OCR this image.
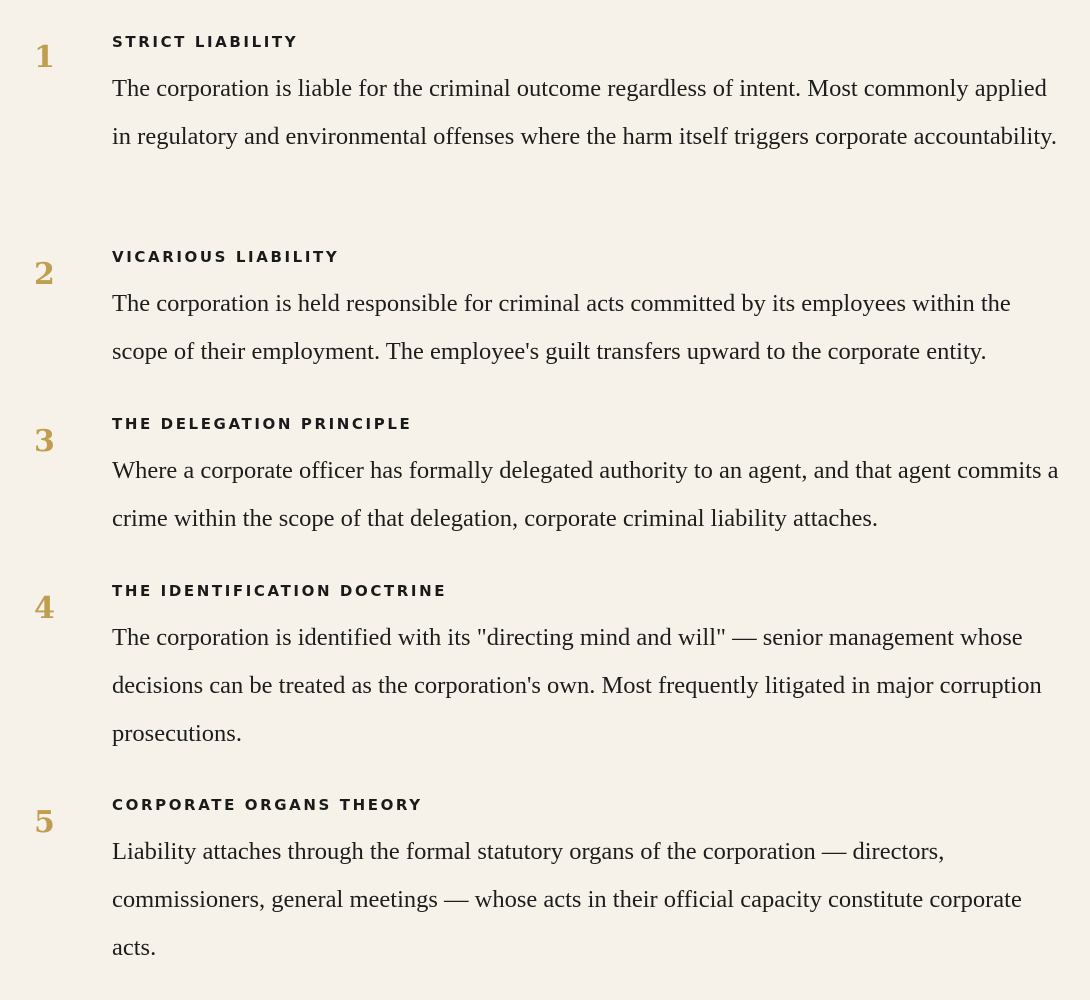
1	STRICT LIABILITY
The corporation is liable for the criminal outcome regardless of intent. Most commonly applied in regulatory and environmental offenses where the harm itself triggers corporate accountability.
2	VICARIOUS LIABILITY
The corporation is held responsible for criminal acts committed by its employees within the scope of their employment. The employee's guilt transfers upward to the corporate entity.
3	THE DELEGATION PRINCIPLE
Where a corporate officer has formally delegated authority to an agent, and that agent commits a crime within the scope of that delegation, corporate criminal liability attaches.
4	THE IDENTIFICATION DOCTRINE
The corporation is identified with its "directing mind and will" — senior management whose decisions can be treated as the corporation's own. Most frequently litigated in major corruption prosecutions.
5	CORPORATE ORGANS THEORY
Liability attaches through the formal statutory organs of the corporation — directors, commissioners, general meetings — whose acts in their official capacity constitute corporate acts.
